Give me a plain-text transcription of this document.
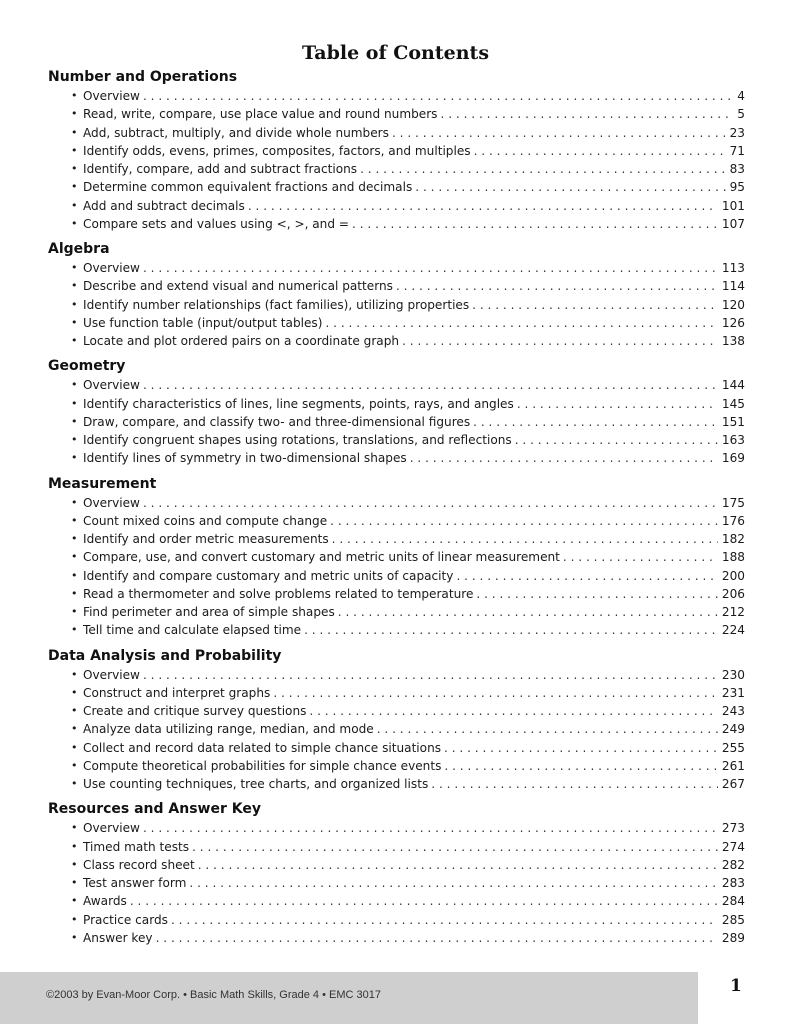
Table of Contents
Number and Operations
• Overview . . .	4
• Read, write, compare, use place value and round numbers . . .	5
• Add, subtract, multiply, and divide whole numbers . . .	23
• Identify odds, evens, primes, composites, factors, and multiples . . .	71
• Identify, compare, add and subtract fractions . . .	83
• Determine common equivalent fractions and decimals . . .	95
• Add and subtract decimals . . .	101
• Compare sets and values using <, >, and = . . .	107
Algebra
• Overview . . .	113
• Describe and extend visual and numerical patterns . . .	114
• Identify number relationships (fact families), utilizing properties . . .	120
• Use function table (input/output tables) . . .	126
• Locate and plot ordered pairs on a coordinate graph . . .	138
Geometry
• Overview . . .	144
• Identify characteristics of lines, line segments, points, rays, and angles . . .	145
• Draw, compare, and classify two- and three-dimensional figures . . .	151
• Identify congruent shapes using rotations, translations, and reflections . . .	163
• Identify lines of symmetry in two-dimensional shapes . . .	169
Measurement
• Overview . . .	175
• Count mixed coins and compute change . . .	176
• Identify and order metric measurements . . .	182
• Compare, use, and convert customary and metric units of linear measurement . . .	188
• Identify and compare customary and metric units of capacity . . .	200
• Read a thermometer and solve problems related to temperature . . .	206
• Find perimeter and area of simple shapes . . .	212
• Tell time and calculate elapsed time . . .	224
Data Analysis and Probability
• Overview . . .	230
• Construct and interpret graphs . . .	231
• Create and critique survey questions . . .	243
• Analyze data utilizing range, median, and mode . . .	249
• Collect and record data related to simple chance situations . . .	255
• Compute theoretical probabilities for simple chance events . . .	261
• Use counting techniques, tree charts, and organized lists . . .	267
Resources and Answer Key
• Overview . . .	273
• Timed math tests . . .	274
• Class record sheet . . .	282
• Test answer form . . .	283
• Awards . . .	284
• Practice cards . . .	285
• Answer key . . .	289
©2003 by Evan-Moor Corp. • Basic Math Skills, Grade 4 • EMC 3017	1
